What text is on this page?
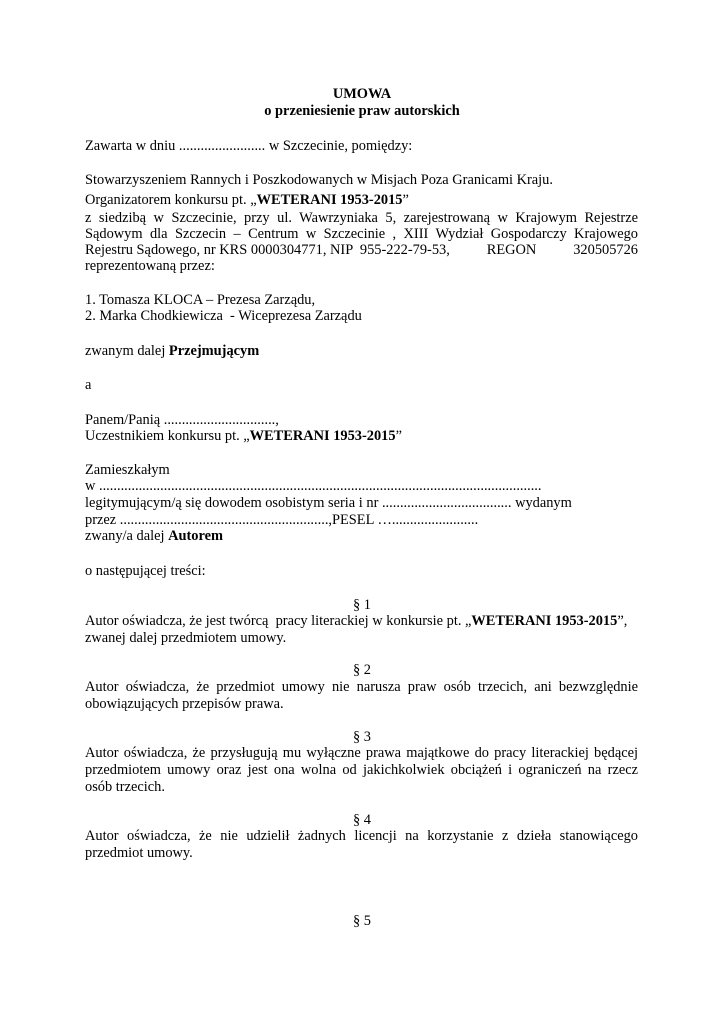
UMOWA
o przeniesienie praw autorskich
Zawarta w dniu ........................ w Szczecinie, pomiędzy:
Stowarzyszeniem Rannych i Poszkodowanych w Misjach Poza Granicami Kraju.
Organizatorem konkursu pt. „WETERANI 1953-2015”
z siedzibą w Szczecinie, przy ul. Wawrzyniaka 5, zarejestrowaną w Krajowym Rejestrze
Sądowym dla Szczecin – Centrum w Szczecinie , XIII Wydział Gospodarczy Krajowego
Rejestru Sądowego, nr KRS 0000304771, NIP  955-222-79-53,	REGON	320505726
reprezentowaną przez:
1. Tomasza KLOCA – Prezesa Zarządu,
2. Marka Chodkiewicza  - Wiceprezesa Zarządu
zwanym dalej Przejmującym
a
Panem/Panią ...............................,
Uczestnikiem konkursu pt. „WETERANI 1953-2015”
Zamieszkałym
w ...........................................................................................................................
legitymującym/ą się dowodem osobistym seria i nr .................................... wydanym
przez ..........................................................,PESEL …........................
zwany/a dalej Autorem
o następującej treści:
§ 1
Autor oświadcza, że jest twórcą  pracy literackiej w konkursie pt. „WETERANI 1953-2015”,
zwanej dalej przedmiotem umowy.
§ 2
Autor oświadcza, że przedmiot umowy nie narusza praw osób trzecich, ani bezwzględnie
obowiązujących przepisów prawa.
§ 3
Autor oświadcza, że przysługują mu wyłączne prawa majątkowe do pracy literackiej będącej
przedmiotem umowy oraz jest ona wolna od jakichkolwiek obciążeń i ograniczeń na rzecz
osób trzecich.
§ 4
Autor oświadcza, że nie udzielił żadnych licencji na korzystanie z dzieła stanowiącego
przedmiot umowy.
§ 5
